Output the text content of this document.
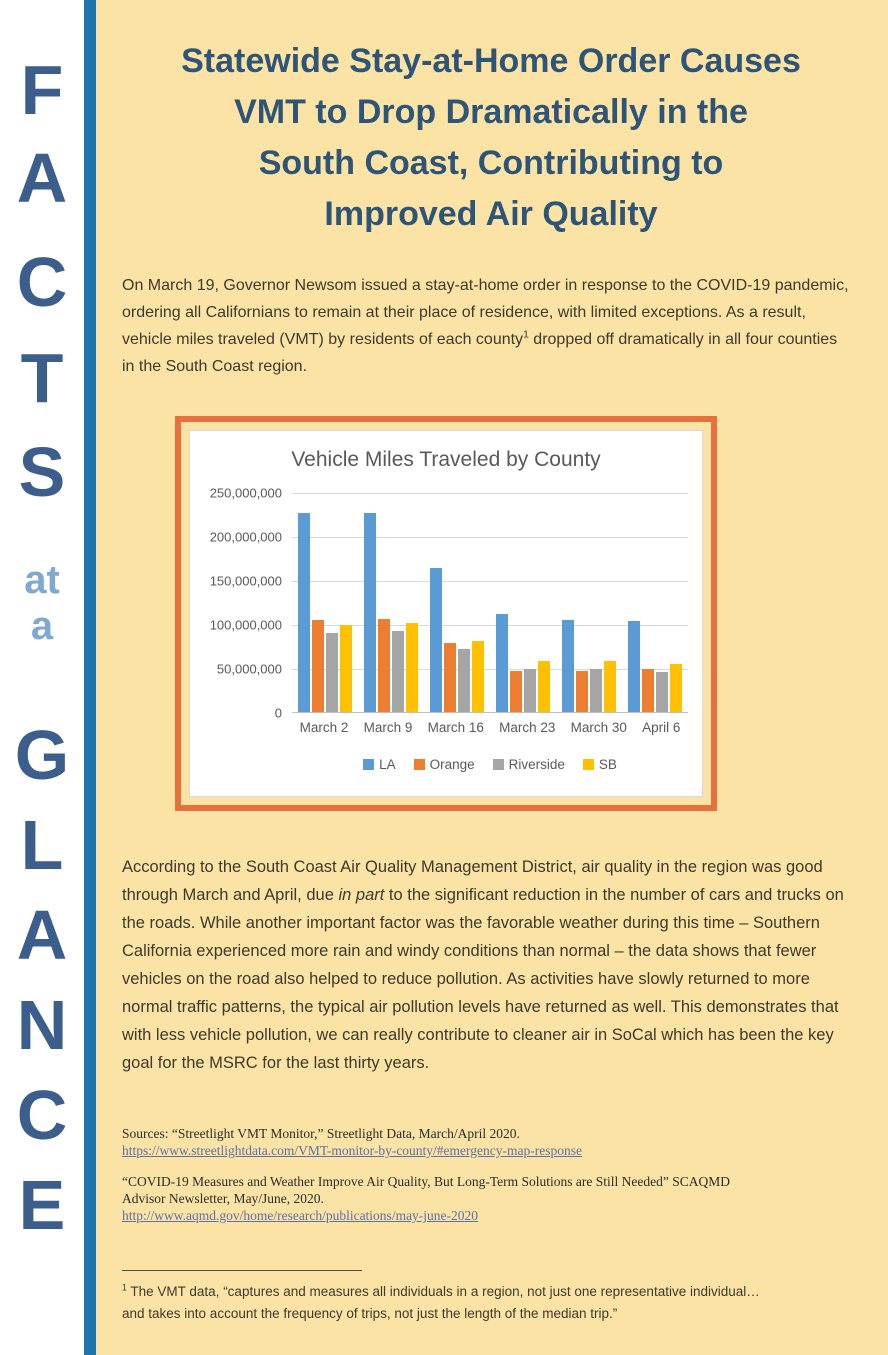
F
A
C
T
S
at
a
G
L
A
N
C
E
Statewide Stay-at-Home Order Causes
VMT to Drop Dramatically in the
South Coast, Contributing to
Improved Air Quality

On March 19, Governor Newsom issued a stay-at-home order in response to the COVID-19 pandemic, ordering all Californians to remain at their place of residence, with limited exceptions. As a result, vehicle miles traveled (VMT) by residents of each county$^1$ dropped off dramatically in all four counties in the South Coast region.

Vehicle Miles Traveled by County
250,000,000
200,000,000
150,000,000
100,000,000
50,000,000
0
March 2 March 9 March 16 March 23 March 30 April 6
LA	Orange	Riverside	SB

According to the South Coast Air Quality Management District, air quality in the region was good through March and April, due in part to the significant reduction in the number of cars and trucks on the roads. While another important factor was the favorable weather during this time – Southern California experienced more rain and windy conditions than normal – the data shows that fewer vehicles on the road also helped to reduce pollution. As activities have slowly returned to more normal traffic patterns, the typical air pollution levels have returned as well. This demonstrates that with less vehicle pollution, we can really contribute to cleaner air in SoCal which has been the key goal for the MSRC for the last thirty years.

Sources: “Streetlight VMT Monitor,” Streetlight Data, March/April 2020.
https://www.streetlightdata.com/VMT-monitor-by-county/#emergency-map-response
“COVID-19 Measures and Weather Improve Air Quality, But Long-Term Solutions are Still Needed” SCAQMD
Advisor Newsletter, May/June, 2020.
http://www.aqmd.gov/home/research/publications/may-june-2020

$^1$ The VMT data, “captures and measures all individuals in a region, not just one representative individual…and takes into account the frequency of trips, not just the length of the median trip.”
